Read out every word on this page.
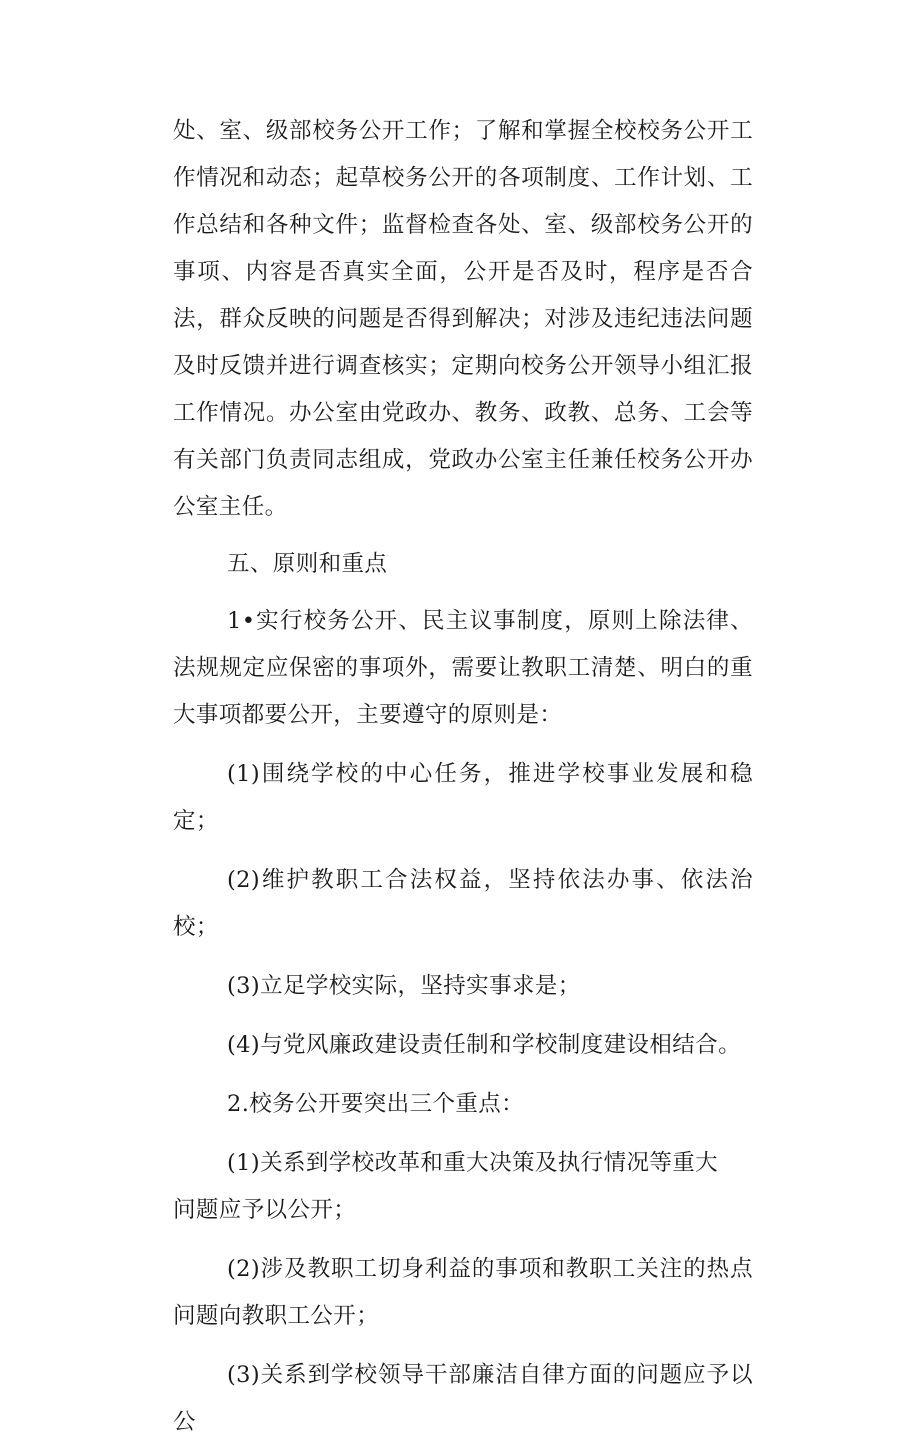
处、室、级部校务公开工作；了解和掌握全校校务公开工作情况和动态；起草校务公开的各项制度、工作计划、工作总结和各种文件；监督检查各处、室、级部校务公开的事项、内容是否真实全面，公开是否及时，程序是否合法，群众反映的问题是否得到解决；对涉及违纪违法问题及时反馈并进行调查核实；定期向校务公开领导小组汇报工作情况。办公室由党政办、教务、政教、总务、工会等有关部门负责同志组成，党政办公室主任兼任校务公开办公室主任。

五、原则和重点

1•实行校务公开、民主议事制度，原则上除法律、法规规定应保密的事项外，需要让教职工清楚、明白的重大事项都要公开，主要遵守的原则是：

(1)围绕学校的中心任务，推进学校事业发展和稳定；

(2)维护教职工合法权益，坚持依法办事、依法治校；

(3)立足学校实际，坚持实事求是；

(4)与党风廉政建设责任制和学校制度建设相结合。

2.校务公开要突出三个重点：

(1)关系到学校改革和重大决策及执行情况等重大

问题应予以公开；

(2)涉及教职工切身利益的事项和教职工关注的热点问题向教职工公开；

(3)关系到学校领导干部廉洁自律方面的问题应予以公
